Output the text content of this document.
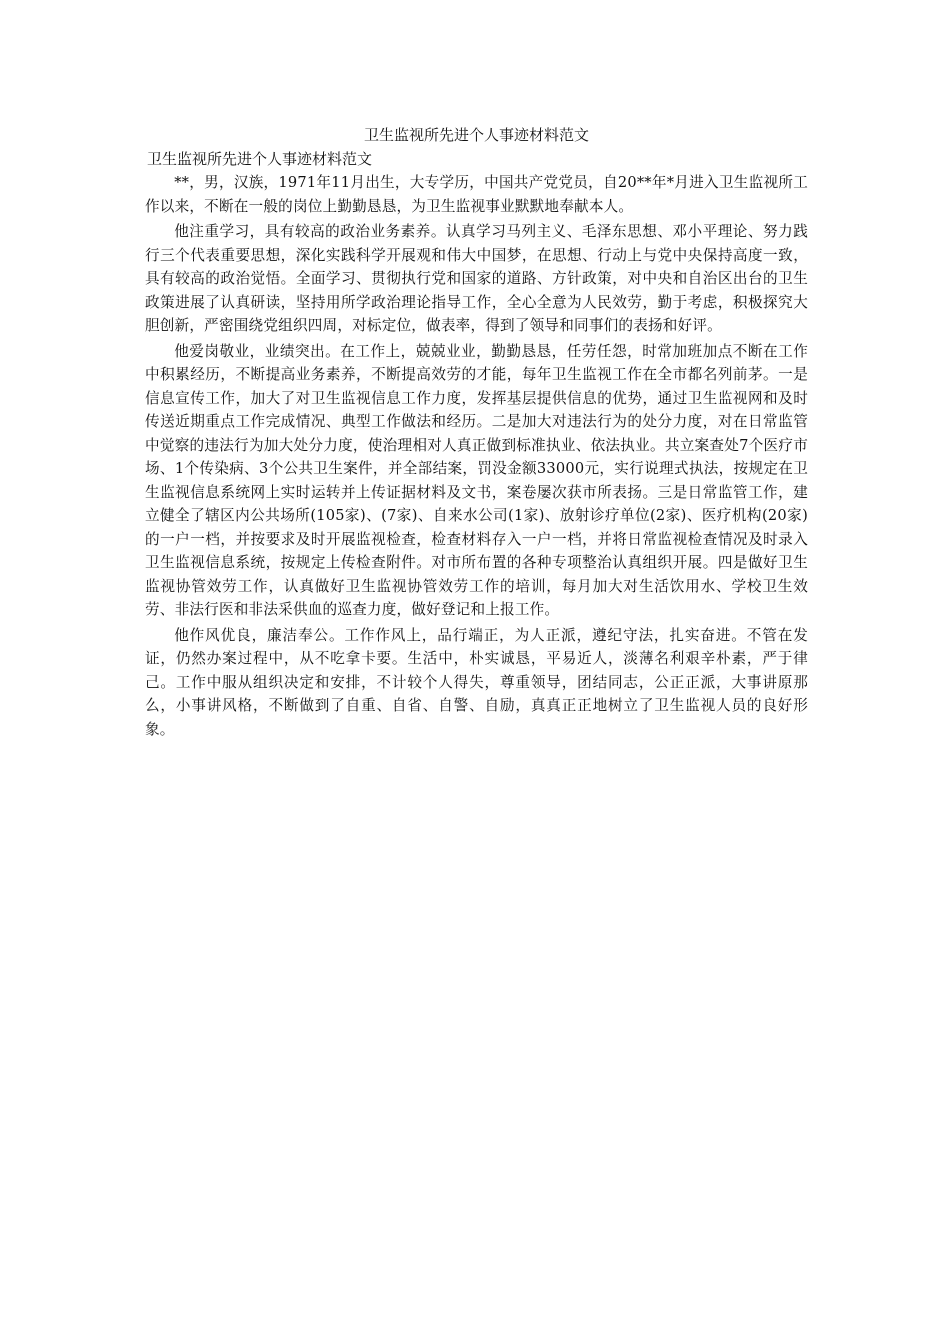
卫生监视所先进个人事迹材料范文
卫生监视所先进个人事迹材料范文

**，男，汉族，1971年11月出生，大专学历，中国共产党党员，自20**年*月进入卫生监视所工作以来，不断在一般的岗位上勤勤恳恳，为卫生监视事业默默地奉献本人。

他注重学习，具有较高的政治业务素养。认真学习马列主义、毛泽东思想、邓小平理论、努力践行三个代表重要思想，深化实践科学开展观和伟大中国梦，在思想、行动上与党中央保持高度一致，具有较高的政治觉悟。全面学习、贯彻执行党和国家的道路、方针政策，对中央和自治区出台的卫生政策进展了认真研读，坚持用所学政治理论指导工作，全心全意为人民效劳，勤于考虑，积极探究大胆创新，严密围绕党组织四周，对标定位，做表率，得到了领导和同事们的表扬和好评。

他爱岗敬业，业绩突出。在工作上，兢兢业业，勤勤恳恳，任劳任怨，时常加班加点不断在工作中积累经历，不断提高业务素养，不断提高效劳的才能，每年卫生监视工作在全市都名列前茅。一是信息宣传工作，加大了对卫生监视信息工作力度，发挥基层提供信息的优势，通过卫生监视网和及时传送近期重点工作完成情况、典型工作做法和经历。二是加大对违法行为的处分力度，对在日常监管中觉察的违法行为加大处分力度，使治理相对人真正做到标准执业、依法执业。共立案查处7个医疗市场、1个传染病、3个公共卫生案件，并全部结案，罚没金额33000元，实行说理式执法，按规定在卫生监视信息系统网上实时运转并上传证据材料及文书，案卷屡次获市所表扬。三是日常监管工作，建立健全了辖区内公共场所(105家)、(7家)、自来水公司(1家)、放射诊疗单位(2家)、医疗机构(20家)的一户一档，并按要求及时开展监视检查，检查材料存入一户一档，并将日常监视检查情况及时录入卫生监视信息系统，按规定上传检查附件。对市所布置的各种专项整治认真组织开展。四是做好卫生监视协管效劳工作，认真做好卫生监视协管效劳工作的培训，每月加大对生活饮用水、学校卫生效劳、非法行医和非法采供血的巡查力度，做好登记和上报工作。

他作风优良，廉洁奉公。工作作风上，品行端正，为人正派，遵纪守法，扎实奋进。不管在发证，仍然办案过程中，从不吃拿卡要。生活中，朴实诚恳，平易近人，淡薄名利艰辛朴素，严于律己。工作中服从组织决定和安排，不计较个人得失，尊重领导，团结同志，公正正派，大事讲原那么，小事讲风格，不断做到了自重、自省、自警、自励，真真正正地树立了卫生监视人员的良好形象。
